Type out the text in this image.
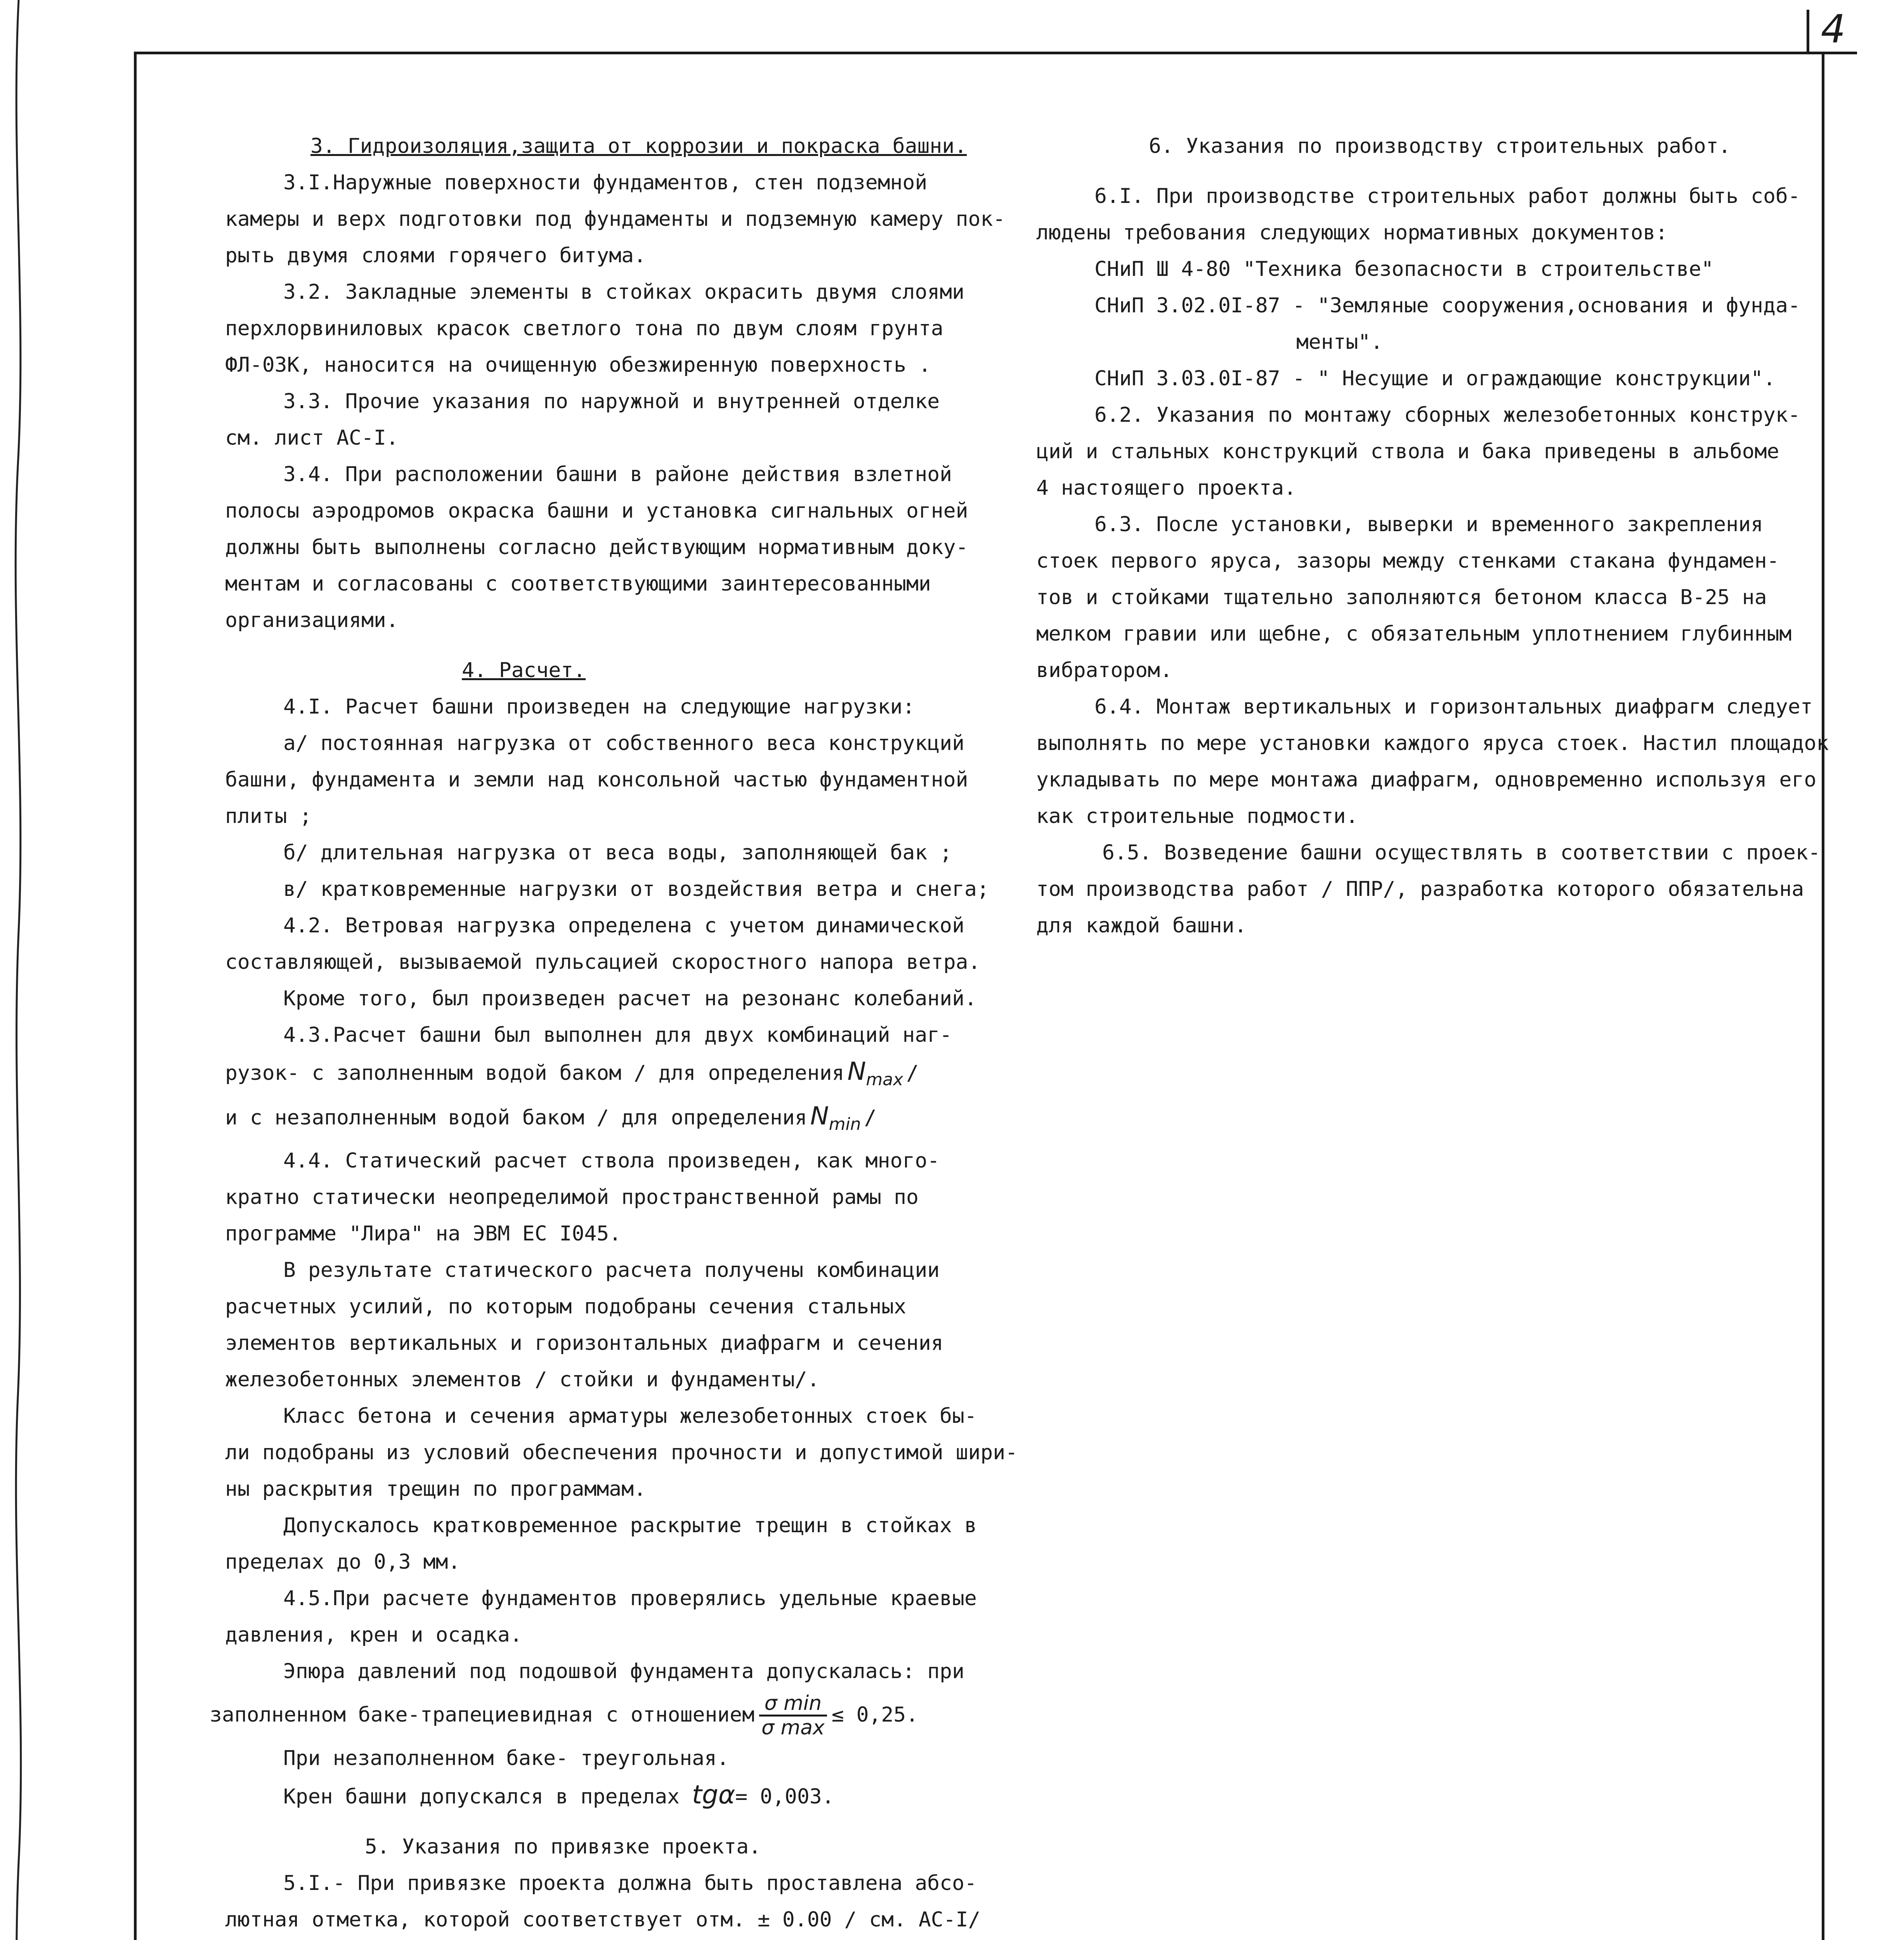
4

3. Гидроизоляция,защита от коррозии и покраска башни.

3.I.Наружные поверхности фундаментов, стен подземной

камеры и верх подготовки под фундаменты и подземную камеру пок-

рыть двумя слоями горячего битума.

3.2. Закладные элементы в стойках окрасить двумя слоями

перхлорвиниловых красок светлого тона по двум слоям грунта

ФЛ-03К, наносится на очищенную обезжиренную поверхность .

3.3. Прочие указания по наружной и внутренней отделке

см. лист АС-I.

3.4. При расположении башни в районе действия взлетной

полосы аэродромов окраска башни и установка сигнальных огней

должны быть выполнены согласно действующим нормативным доку-

ментам и согласованы с соответствующими заинтересованными

организациями.

4. Расчет.

4.I. Расчет башни произведен на следующие нагрузки:

а/ постоянная нагрузка от собственного веса конструкций

башни, фундамента и земли над консольной частью фундаментной

плиты ;

б/ длительная нагрузка от веса воды, заполняющей бак ;

в/ кратковременные нагрузки от воздействия ветра и снега;

4.2. Ветровая нагрузка определена с учетом динамической

составляющей, вызываемой пульсацией скоростного напора ветра.

Кроме того, был произведен расчет на резонанс колебаний.

4.3.Расчет башни был выполнен для двух комбинаций наг-

рузок- с заполненным водой баком / для определения $N_{max}$ /

и с незаполненным водой баком / для определения $N_{min}$ /

4.4. Статический расчет ствола произведен, как много-

кратно статически неопределимой пространственной рамы по

программе "Лира" на ЭВМ ЕС I045.

В результате статического расчета получены комбинации

расчетных усилий, по которым подобраны сечения стальных

элементов вертикальных и горизонтальных диафрагм и сечения

железобетонных элементов / стойки и фундаменты/.

Класс бетона и сечения арматуры железобетонных стоек бы-

ли подобраны из условий обеспечения прочности и допустимой шири-

ны раскрытия трещин по программам.

Допускалось кратковременное раскрытие трещин в стойках в

пределах до 0,3 мм.

4.5.При расчете фундаментов проверялись удельные краевые

давления, крен и осадка.

Эпюра давлений под подошвой фундамента допускалась: при

заполненном баке-трапециевидная с отношением $\frac{\text{σ min}}{\text{σ max}} \le 0,25$.

При незаполненном баке- треугольная.

Крен башни допускался в пределах tgα= 0,003.

5. Указания по привязке проекта.

5.I.- При привязке проекта должна быть проставлена абсо-

лютная отметка, которой соответствует отм. ± 0.00 / см. АС-I/

6. Указания по производству строительных работ.

6.I. При производстве строительных работ должны быть соб-

людены требования следующих нормативных документов:

СНиП Ш 4-80 "Техника безопасности в строительстве"

СНиП 3.02.0I-87 - "Земляные сооружения,основания и фунда-

менты".

СНиП 3.03.0I-87 - " Несущие и ограждающие конструкции".

6.2. Указания по монтажу сборных железобетонных конструк-

ций и стальных конструкций ствола и бака приведены в альбоме

4 настоящего проекта.

6.3. После установки, выверки и временного закрепления

стоек первого яруса, зазоры между стенками стакана фундамен-

тов и стойками тщательно заполняются бетоном класса В-25 на

мелком гравии или щебне, с обязательным уплотнением глубинным

вибратором.

6.4. Монтаж вертикальных и горизонтальных диафрагм следует

выполнять по мере установки каждого яруса стоек. Настил площадок

укладывать по мере монтажа диафрагм, одновременно используя его

как строительные подмости.

6.5. Возведение башни осуществлять в соответствии с проек-

том производства работ / ППР/, разработка которого обязательна

для каждой башни.
